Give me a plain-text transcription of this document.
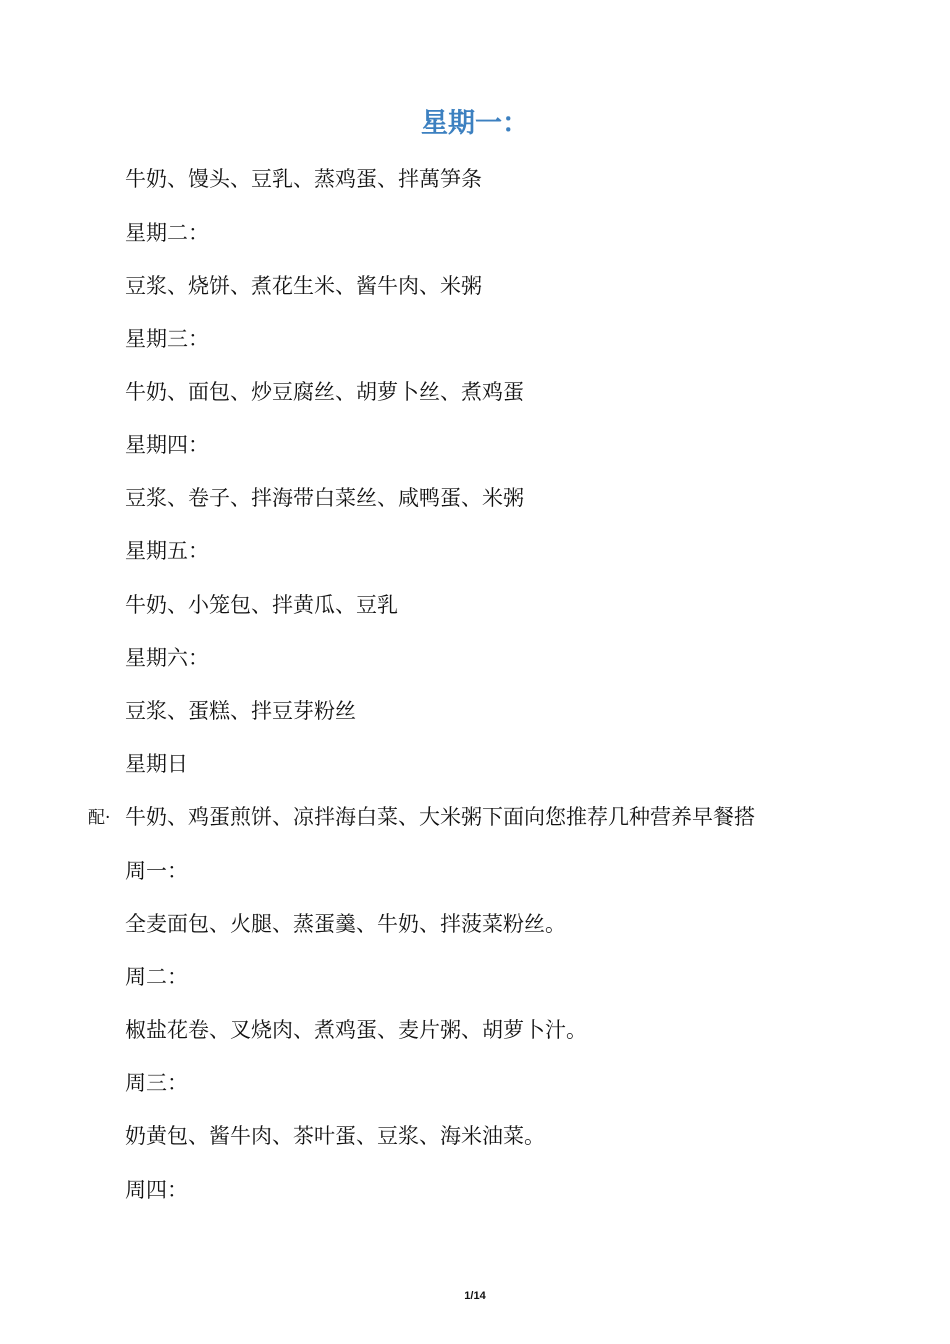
星期一：
牛奶、馒头、豆乳、蒸鸡蛋、拌萬笋条
星期二：
豆浆、烧饼、煮花生米、酱牛肉、米粥
星期三：
牛奶、面包、炒豆腐丝、胡萝卜丝、煮鸡蛋
星期四：
豆浆、卷子、拌海带白菜丝、咸鸭蛋、米粥
星期五：
牛奶、小笼包、拌黄瓜、豆乳
星期六：
豆浆、蛋糕、拌豆芽粉丝
星期日
配· 牛奶、鸡蛋煎饼、凉拌海白菜、大米粥下面向您推荐几种营养早餐搭
周一：
全麦面包、火腿、蒸蛋羹、牛奶、拌菠菜粉丝。
周二：
椒盐花卷、叉烧肉、煮鸡蛋、麦片粥、胡萝卜汁。
周三：
奶黄包、酱牛肉、茶叶蛋、豆浆、海米油菜。
周四：
1/14
